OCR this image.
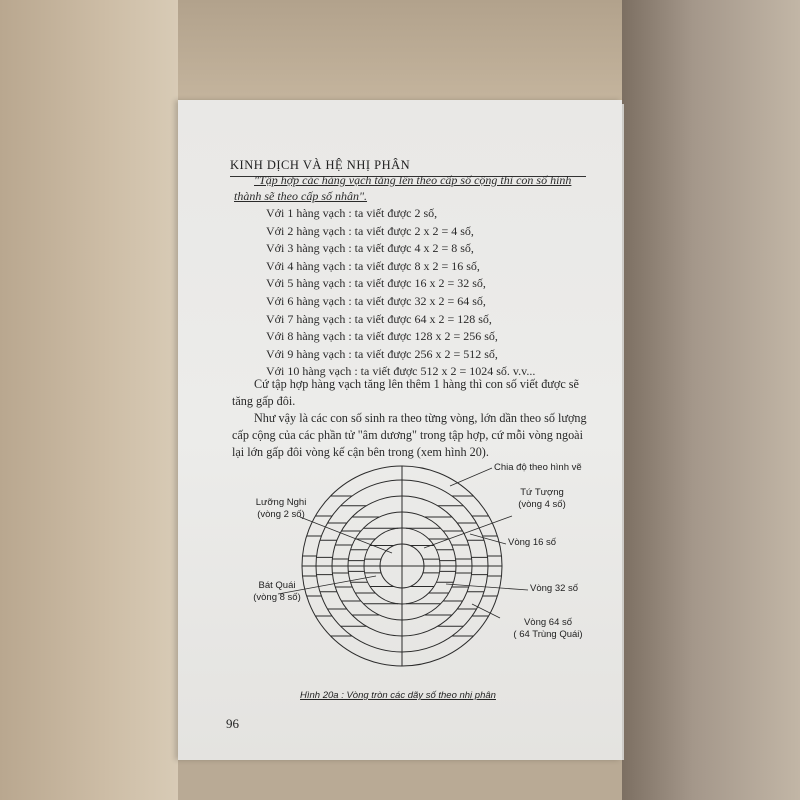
KINH DỊCH VÀ HỆ NHỊ PHÂN
"Tập hợp các hàng vạch tăng lên theo cấp số cộng thì con số hình thành sẽ theo cấp số nhân".
Với 1 hàng vạch : ta viết được 2 số,
Với 2 hàng vạch : ta viết được 2 x 2 = 4 số,
Với 3 hàng vạch : ta viết được 4 x 2 = 8 số,
Với 4 hàng vạch : ta viết được 8 x 2 = 16 số,
Với 5 hàng vạch : ta viết được 16 x 2 = 32 số,
Với 6 hàng vạch : ta viết được 32 x 2 = 64 số,
Với 7 hàng vạch : ta viết được 64 x 2 = 128 số,
Với 8 hàng vạch : ta viết được 128 x 2 = 256 số,
Với 9 hàng vạch : ta viết được 256 x 2 = 512 số,
Với 10 hàng vạch : ta viết được 512 x 2 = 1024 số. v.v...
Cứ tập hợp hàng vạch tăng lên thêm 1 hàng thì con số viết được sẽ tăng gấp đôi.
Như vậy là các con số sinh ra theo từng vòng, lớn dần theo số lượng cấp cộng của các phần tử "âm dương" trong tập hợp, cứ mỗi vòng ngoài lại lớn gấp đôi vòng kế cận bên trong (xem hình 20).
Chia độ theo hình vẽ
Lưỡng Nghi
(vòng 2 số)
Tứ Tượng
(vòng 4 số)
Vòng 16 số
Bát Quái
(vòng 8 số)
Vòng 32 số
Vòng 64 số
( 64 Trùng Quái)
Hình 20a : Vòng tròn các dãy số theo nhị phân
96
